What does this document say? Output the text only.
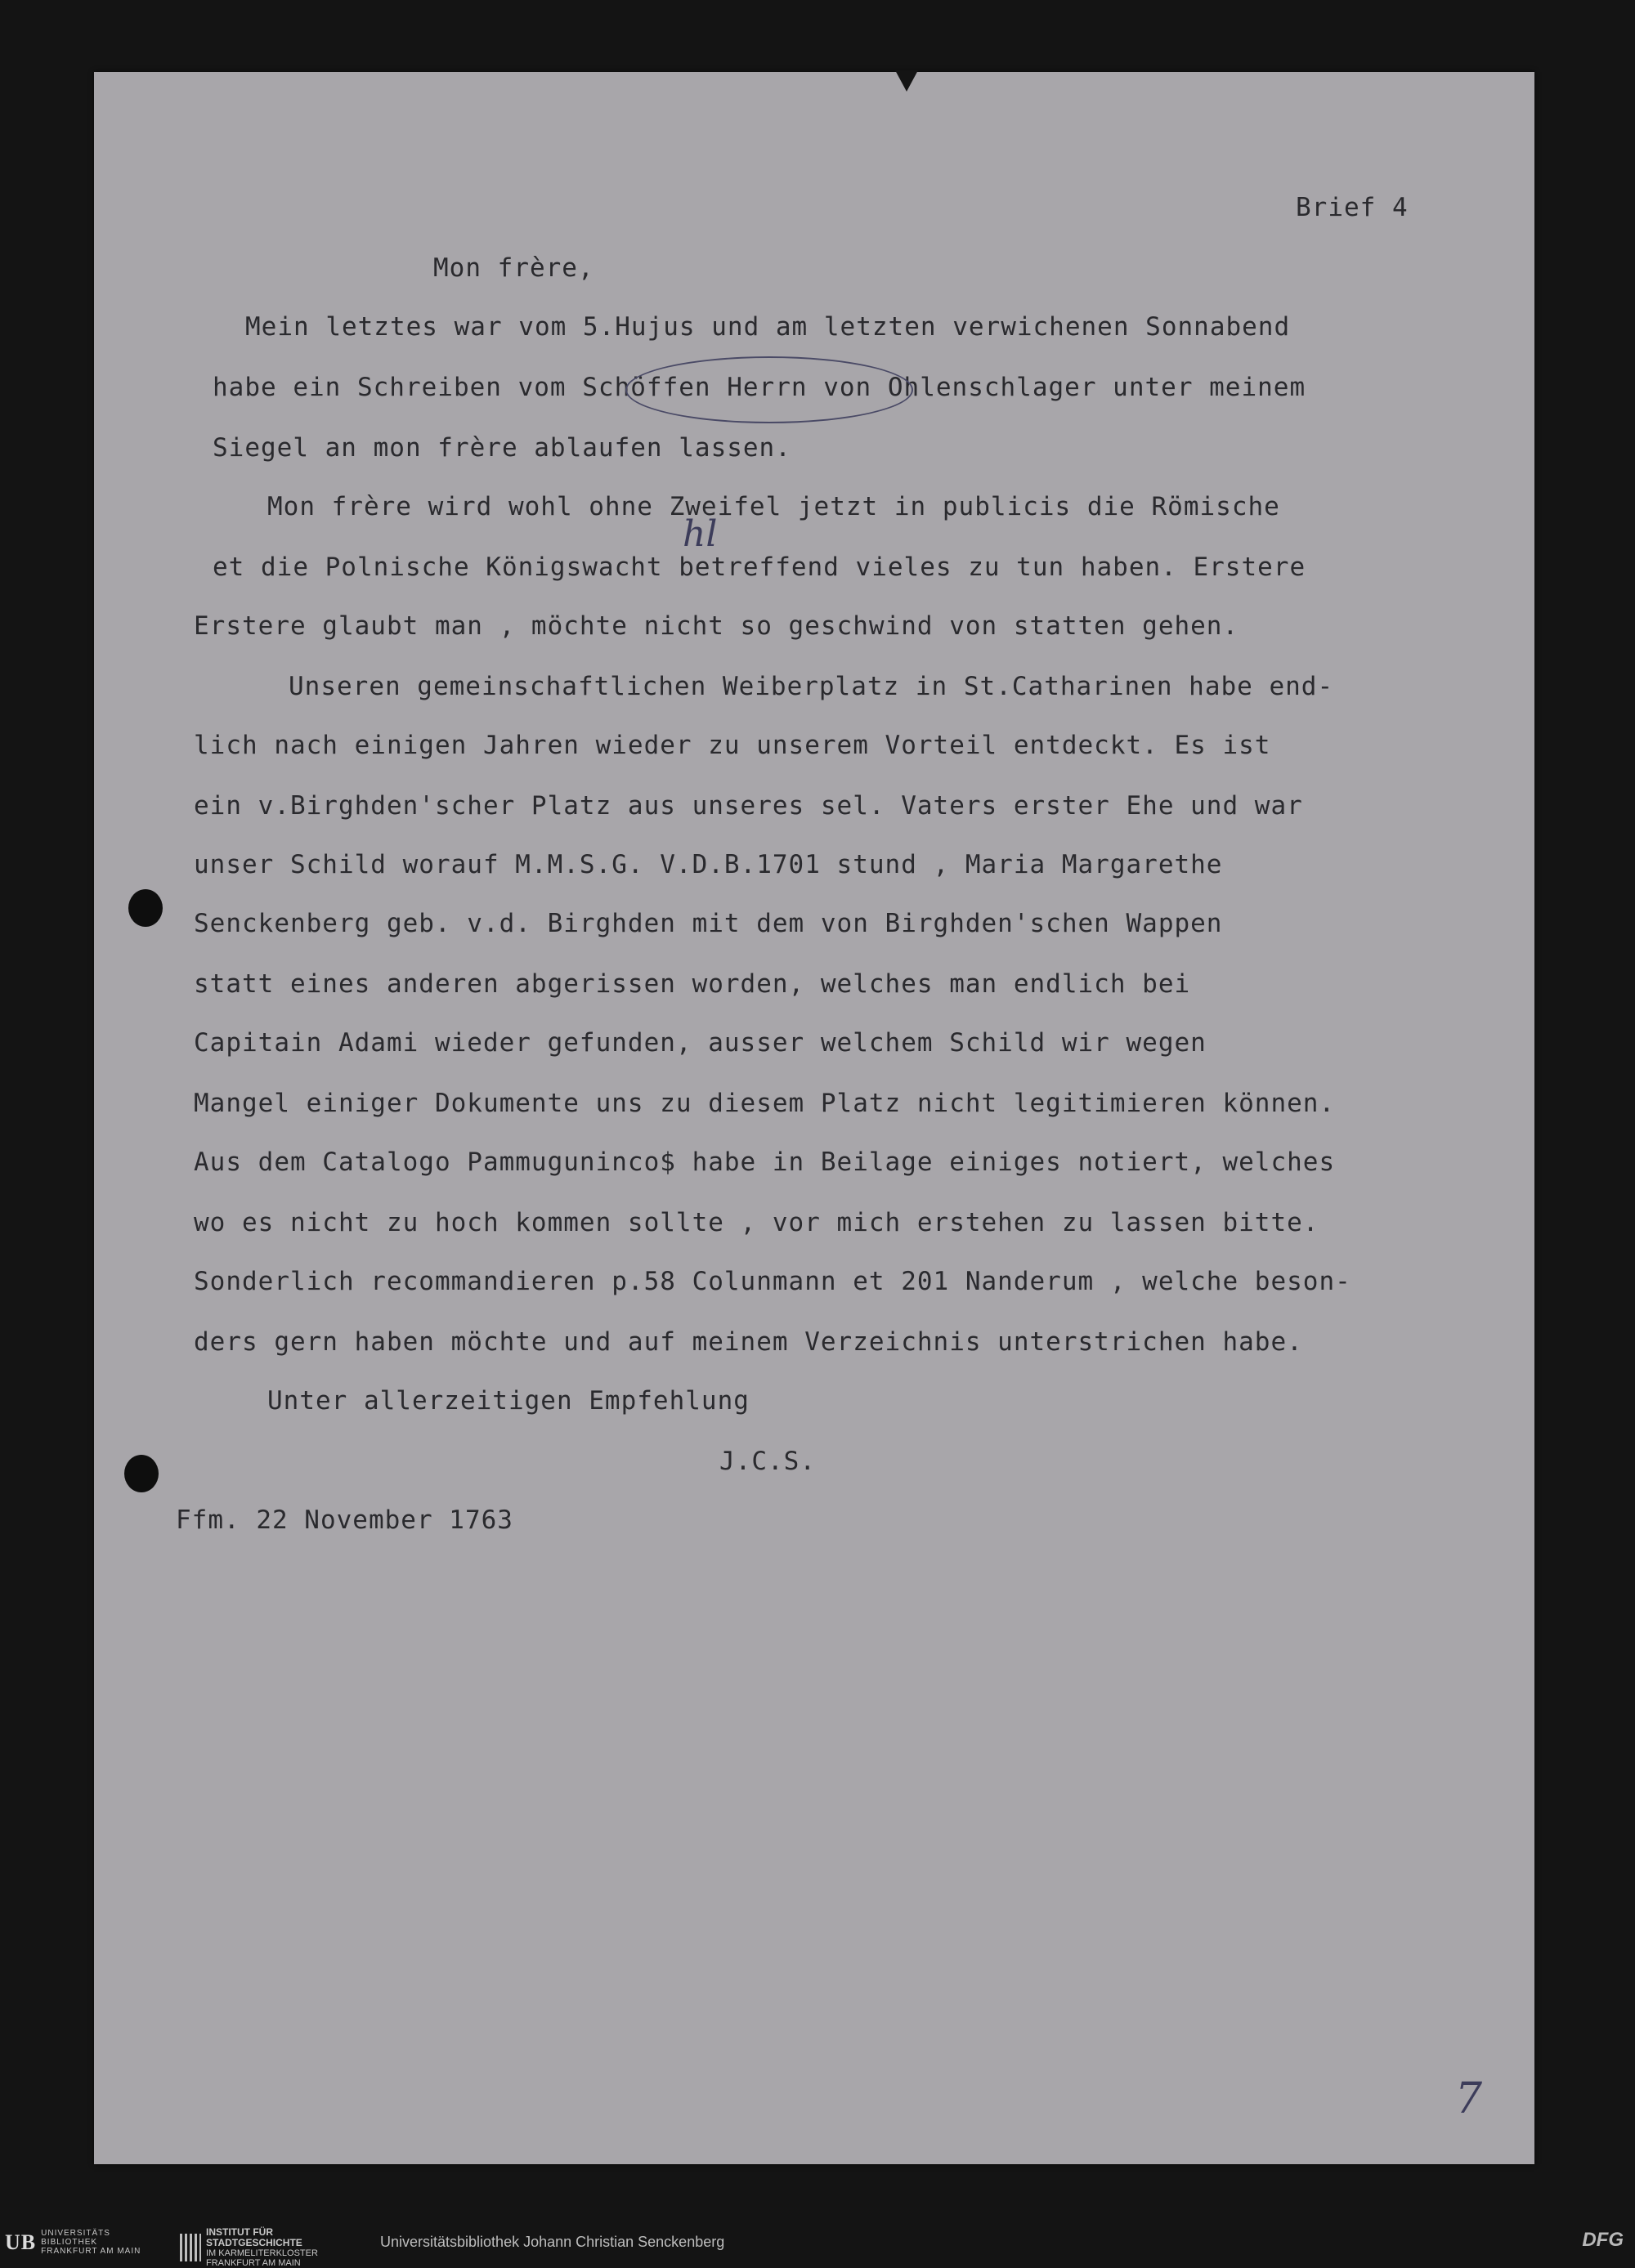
Brief 4

Mon frère,

Mein letztes war vom 5.Hujus und am letzten verwichenen Sonnabend

habe ein Schreiben vom Schöffen Herrn von Ohlenschlager unter meinem

Siegel an mon frère ablaufen lassen.

Mon frère wird wohl ohne Zweifel jetzt in publicis die Römische

hl

et die Polnische Königswacht betreffend vieles zu tun haben. Erstere

Erstere glaubt man , möchte nicht so geschwind von statten gehen.

Unseren gemeinschaftlichen Weiberplatz in St.Catharinen habe end-

lich nach einigen Jahren wieder zu unserem Vorteil entdeckt. Es ist

ein v.Birghden'scher Platz aus unseres sel. Vaters erster Ehe und war

unser Schild worauf M.M.S.G. V.D.B.1701 stund , Maria Margarethe

Senckenberg geb. v.d. Birghden mit dem von Birghden'schen Wappen

statt eines anderen abgerissen worden, welches man endlich bei

Capitain Adami wieder gefunden, ausser welchem Schild wir wegen

Mangel einiger Dokumente uns zu diesem Platz nicht legitimieren können.

Aus dem Catalogo Pammuguninco$ habe in Beilage einiges notiert, welches

wo es nicht zu hoch kommen sollte , vor mich erstehen zu lassen bitte.

Sonderlich recommandieren p.58 Colunmann et 201 Nanderum , welche beson-

ders gern haben möchte und auf meinem Verzeichnis unterstrichen habe.

Unter allerzeitigen Empfehlung

J.C.S.

Ffm. 22 November 1763

7
UB UNIVERSITÄTS
BIBLIOTHEK
FRANKFURT AM MAIN
INSTITUT FÜR
STADTGESCHICHTE
IM KARMELITERKLOSTER
FRANKFURT AM MAIN
Universitätsbibliothek Johann Christian Senckenberg	DFG
